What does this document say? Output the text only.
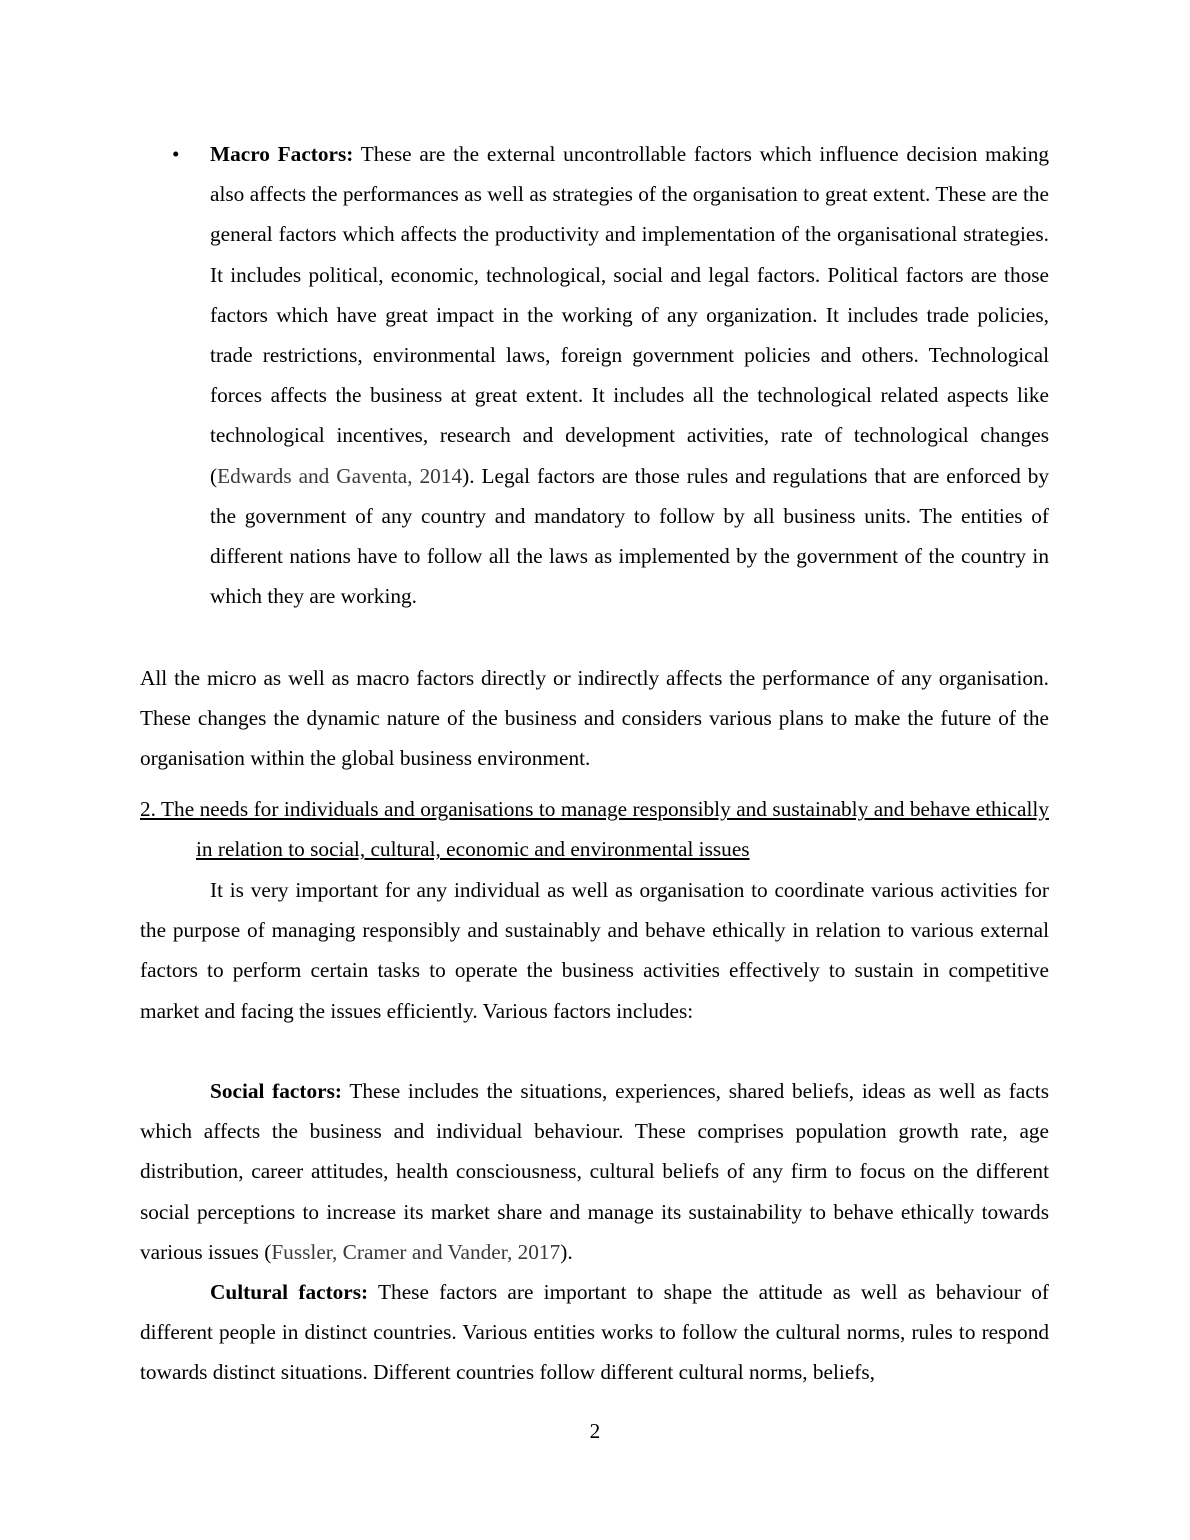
• Macro Factors: These are the external uncontrollable factors which influence decision making also affects the performances as well as strategies of the organisation to great extent. These are the general factors which affects the productivity and implementation of the organisational strategies. It includes political, economic, technological, social and legal factors. Political factors are those factors which have great impact in the working of any organization. It includes trade policies, trade restrictions, environmental laws, foreign government policies and others. Technological forces affects the business at great extent. It includes all the technological related aspects like technological incentives, research and development activities, rate of technological changes (Edwards and Gaventa, 2014). Legal factors are those rules and regulations that are enforced by the government of any country and mandatory to follow by all business units. The entities of different nations have to follow all the laws as implemented by the government of the country in which they are working.

All the micro as well as macro factors directly or indirectly affects the performance of any organisation. These changes the dynamic nature of the business and considers various plans to make the future of the organisation within the global business environment.

2. The needs for individuals and organisations to manage responsibly and sustainably and behave ethically in relation to social, cultural, economic and environmental issues

It is very important for any individual as well as organisation to coordinate various activities for the purpose of managing responsibly and sustainably and behave ethically in relation to various external factors to perform certain tasks to operate the business activities effectively to sustain in competitive market and facing the issues efficiently. Various factors includes:

Social factors: These includes the situations, experiences, shared beliefs, ideas as well as facts which affects the business and individual behaviour. These comprises population growth rate, age distribution, career attitudes, health consciousness, cultural beliefs of any firm to focus on the different social perceptions to increase its market share and manage its sustainability to behave ethically towards various issues (Fussler, Cramer and Vander, 2017).

Cultural factors: These factors are important to shape the attitude as well as behaviour of different people in distinct countries. Various entities works to follow the cultural norms, rules to respond towards distinct situations. Different countries follow different cultural norms, beliefs,

2
